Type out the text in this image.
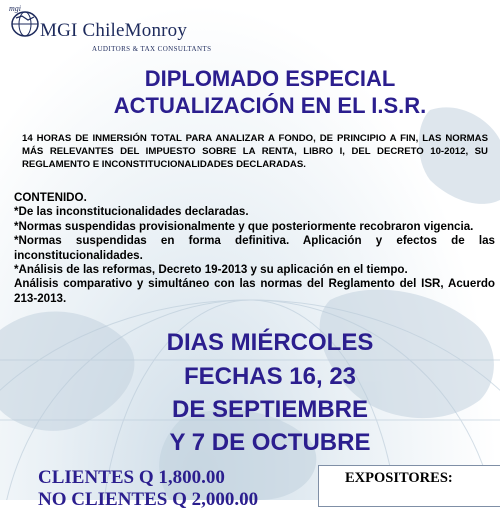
mgi
MGI ChileMonroy
AUDITORS & TAX CONSULTANTS
DIPLOMADO ESPECIAL
ACTUALIZACIÓN EN EL I.S.R.
14 HORAS DE INMERSIÓN TOTAL PARA ANALIZAR A FONDO, DE PRINCIPIO A FIN, LAS NORMAS MÁS RELEVANTES DEL IMPUESTO SOBRE LA RENTA, LIBRO I, DEL DECRETO 10-2012, SU REGLAMENTO E INCONSTITUCIONALIDADES DECLARADAS.

CONTENIDO.

*De las inconstitucionalidades declaradas.

*Normas suspendidas provisionalmente y que posteriormente recobraron vigencia.

*Normas suspendidas en forma definitiva. Aplicación y efectos de las inconstitucionalidades.

*Análisis de las reformas, Decreto 19-2013 y su aplicación en el tiempo.

Análisis comparativo y simultáneo con las normas del Reglamento del ISR, Acuerdo 213-2013.

DIAS MIÉRCOLES
FECHAS 16, 23
DE SEPTIEMBRE
Y 7 DE OCTUBRE
CLIENTES Q 1,800.00
NO CLIENTES Q 2,000.00
EXPOSITORES:
